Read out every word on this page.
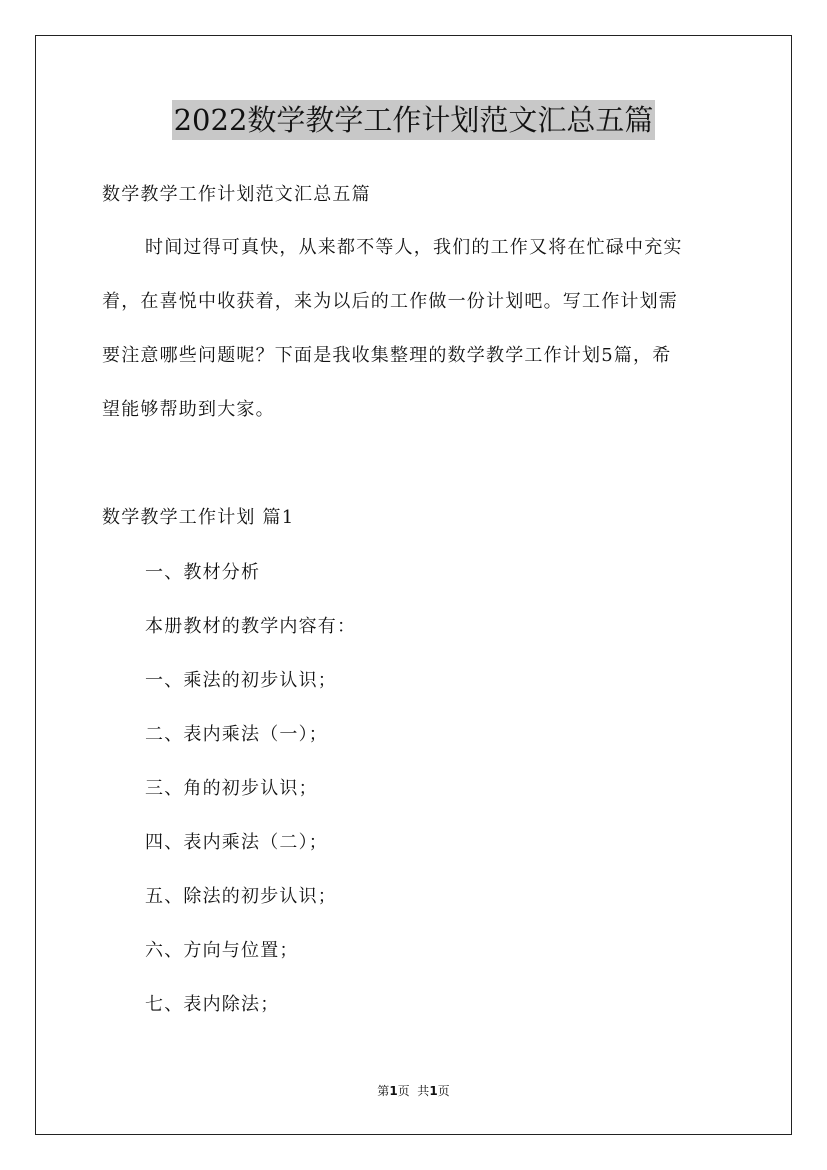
2022数学教学工作计划范文汇总五篇
数学教学工作计划范文汇总五篇
时间过得可真快，从来都不等人，我们的工作又将在忙碌中充实
着，在喜悦中收获着，来为以后的工作做一份计划吧。写工作计划需
要注意哪些问题呢？下面是我收集整理的数学教学工作计划5篇，希
望能够帮助到大家。
数学教学工作计划 篇1
一、教材分析
本册教材的教学内容有：
一、乘法的初步认识；
二、表内乘法（一）；
三、角的初步认识；
四、表内乘法（二）；
五、除法的初步认识；
六、方向与位置；
七、表内除法；
第1页  共1页
